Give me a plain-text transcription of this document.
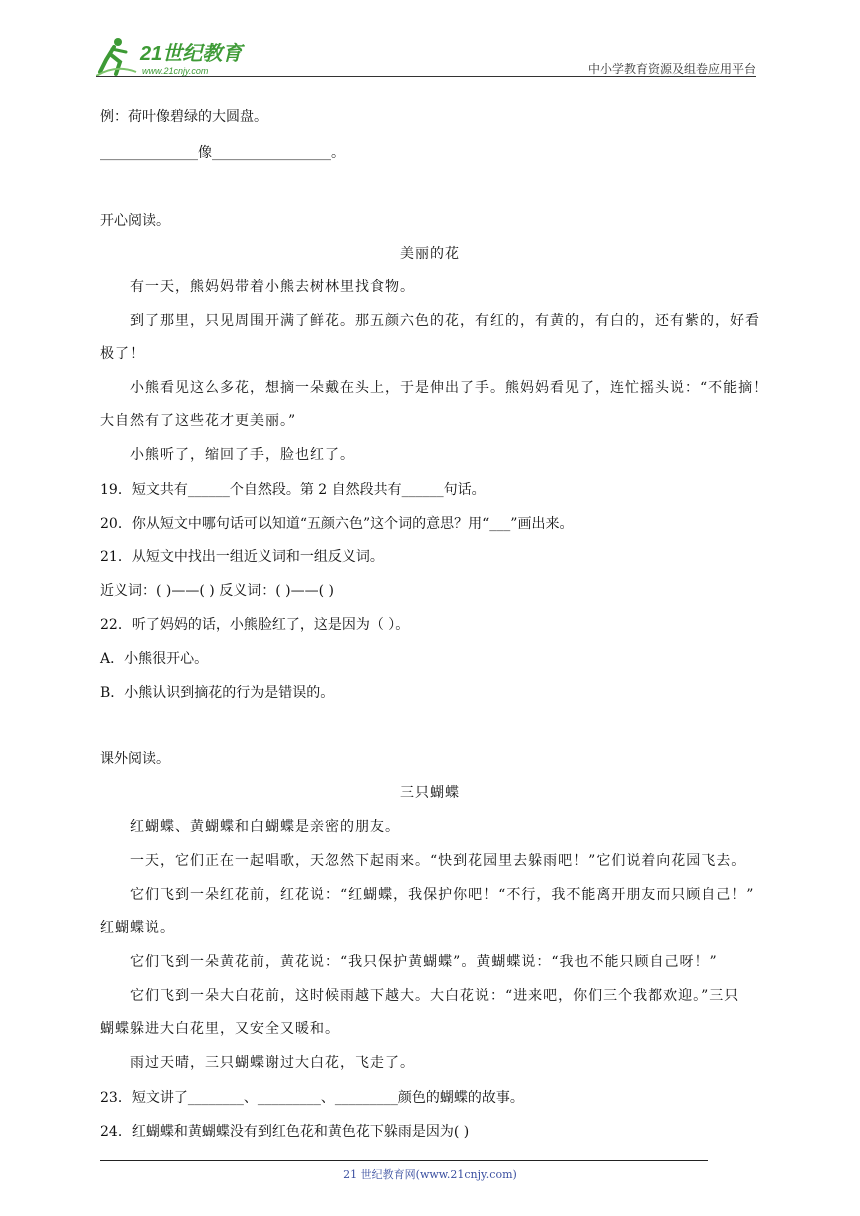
21世纪教育
www.21cnjy.com	中小学教育资源及组卷应用平台
例：荷叶像碧绿的大圆盘。
______________像_________________。
开心阅读。
美丽的花
有一天，熊妈妈带着小熊去树林里找食物。
到了那里，只见周围开满了鲜花。那五颜六色的花，有红的，有黄的，有白的，还有紫的，好看
极了！
小熊看见这么多花，想摘一朵戴在头上，于是伸出了手。熊妈妈看见了，连忙摇头说：“不能摘！
大自然有了这些花才更美丽。”
小熊听了，缩回了手，脸也红了。
19．短文共有______个自然段。第 2 自然段共有______句话。
20．你从短文中哪句话可以知道“五颜六色”这个词的意思？用“___”画出来。
21．从短文中找出一组近义词和一组反义词。
近义词：( )——( ) 反义词：( )——( )
22．听了妈妈的话，小熊脸红了，这是因为（ ）。
A．小熊很开心。
B．小熊认识到摘花的行为是错误的。
课外阅读。
三只蝴蝶
红蝴蝶、黄蝴蝶和白蝴蝶是亲密的朋友。
一天，它们正在一起唱歌，天忽然下起雨来。“快到花园里去躲雨吧！”它们说着向花园飞去。
它们飞到一朵红花前，红花说：“红蝴蝶，我保护你吧！“不行，我不能离开朋友而只顾自己！”
红蝴蝶说。
它们飞到一朵黄花前，黄花说：“我只保护黄蝴蝶”。黄蝴蝶说：“我也不能只顾自己呀！”
它们飞到一朵大白花前，这时候雨越下越大。大白花说：“进来吧，你们三个我都欢迎。”三只
蝴蝶躲进大白花里，又安全又暖和。
雨过天晴，三只蝴蝶谢过大白花，飞走了。
23．短文讲了________、_________、_________颜色的蝴蝶的故事。
24．红蝴蝶和黄蝴蝶没有到红色花和黄色花下躲雨是因为( )
21 世纪教育网(www.21cnjy.com)
